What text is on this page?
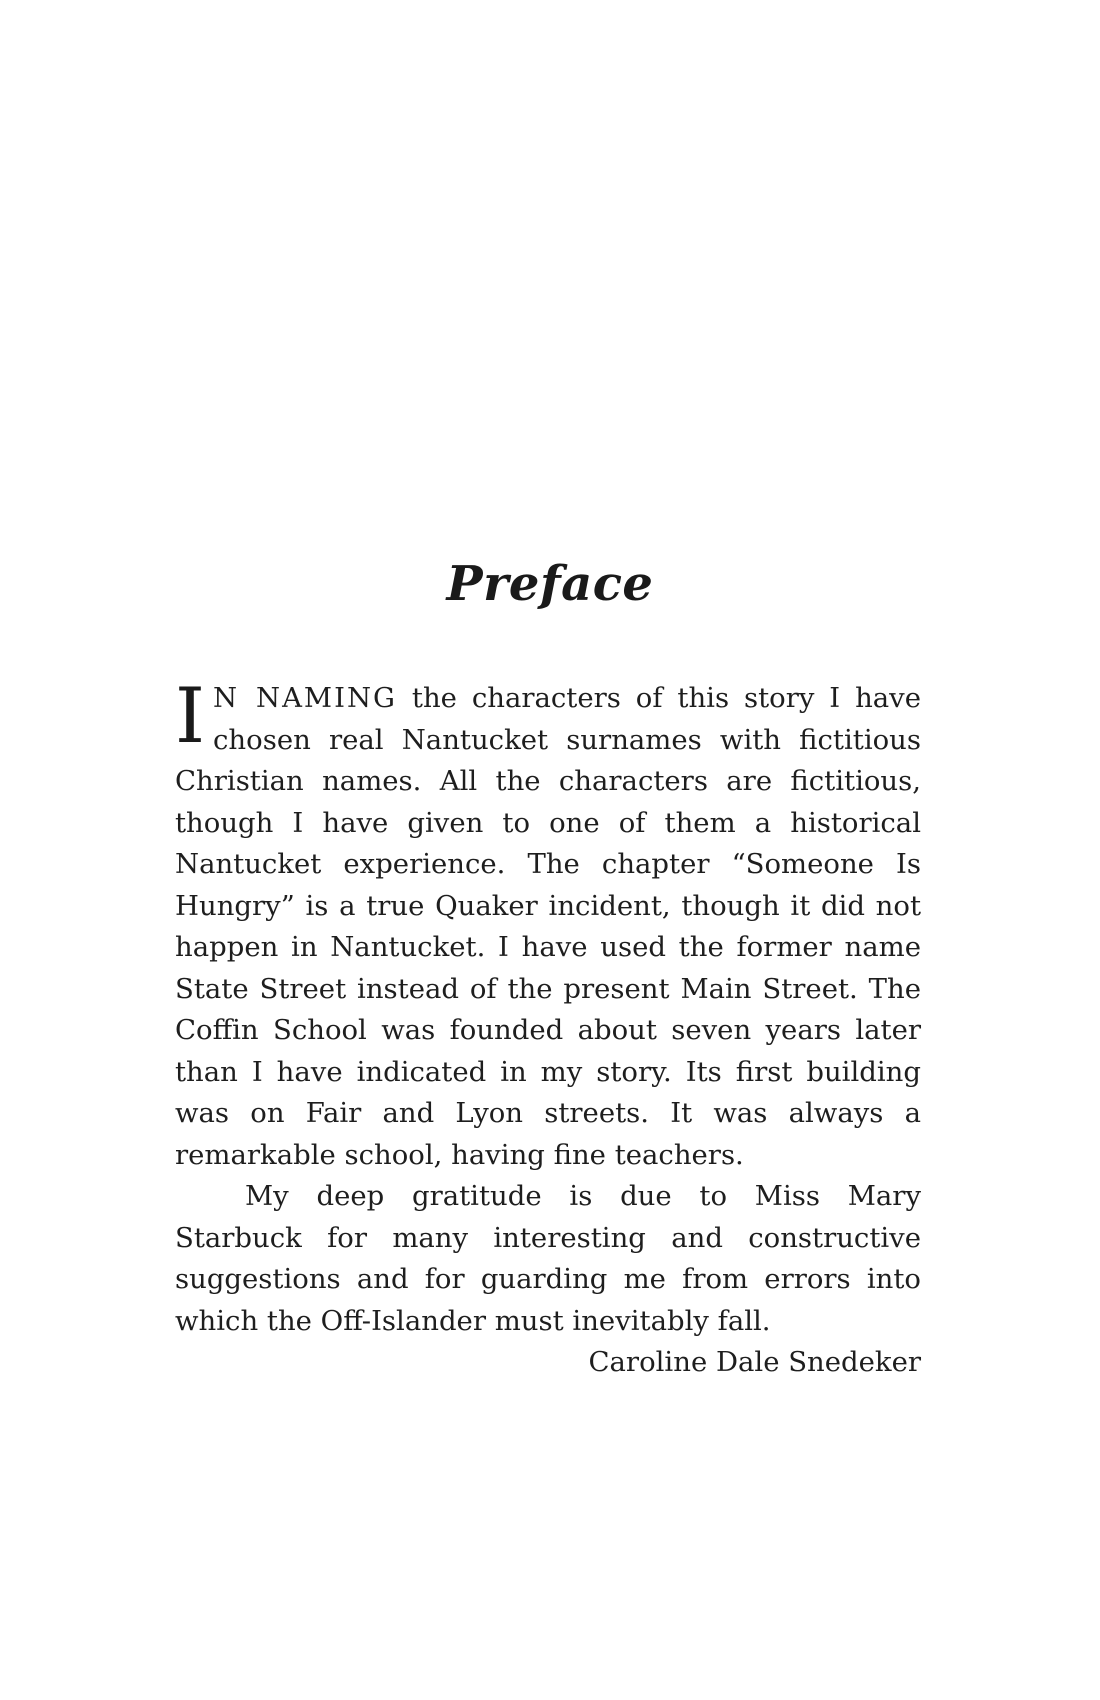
Preface

I N NAMING the characters of this story I have chosen real Nantucket surnames with fictitious Christian names. All the characters are fictitious, though I have given to one of them a historical Nantucket experience. The chapter “Someone Is Hungry” is a true Quaker incident, though it did not happen in Nantucket. I have used the former name State Street instead of the present Main Street. The Coffin School was founded about seven years later than I have indicated in my story. Its first building was on Fair and Lyon streets. It was always a remarkable school, having fine teachers.

My deep gratitude is due to Miss Mary Starbuck for many interesting and constructive suggestions and for guarding me from errors into which the Off-Islander must inevitably fall.

Caroline Dale Snedeker
